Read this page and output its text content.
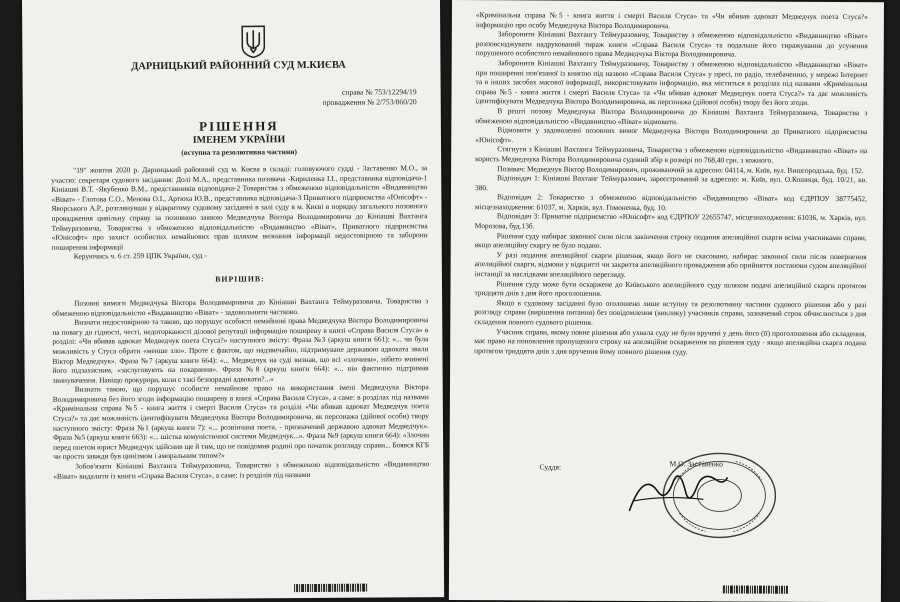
ДАРНИЦЬКИЙ РАЙОННИЙ СУД М.КИЄВА
справа № 753/12294/19
провадження № 2/753/860/20
РІШЕННЯ
ІМЕНЕМ УКРАЇНИ
(вступна та резолютивна частини)

"19" жовтня 2020 р. Дарницький районний суд м. Києва в складі: головуючого судді - Заставенко М.О., за участю: секретаря судового засідання: Долі М.А., представника позивача -Кириленка І.І., представника відповідача-1 Кініашві В.Т. -Якубенко В.М., представників відповідача-2 Товариства з обмеженою відповідальністю «Видавництво «Віват» - Глотова С.О., Менова О.І., Артюха Ю.В., представника відповідача-3 Приватного підприємства «Юнісофт» - Яворського А.Р., розглянувши у відкритому судовому засіданні в залі суду в м. Києві в порядку загального позовного провадження цивільну справу за позовною заявою Медведчука Віктора Володимировича до Кініашві Вахтанга Теймуразовича, Товариства з обмеженою відповідальністю «Видавництво «Віват», Приватного підприємства «Юнісофт» про захист особистих немайнових прав шляхом визнання інформації недостовірною та заборони поширення інформації

Керуючись ч. 6 ст. 259 ЦПК України, суд -

ВИРІШИВ:

Позовні вимоги Медведчука Віктора Володимировича до Кініашві Вахтанга Теймуразовича, Товариства з обмеженою відповідальністю «Видавництво «Віват» - задовольнити частково.

Визнати недостовірною та такою, що порушує особисті немайнові права Медведчука Віктора Володимировича на повагу до гідності, честі, недоторканості ділової репутації інформацію поширену в книзі «Справа Василя Стуса» в розділі: «Чи вбивав адвокат Медведчук поета Стуса?» наступного змісту: Фраза №3 (аркуш книги 661): «... чи була можливість у Стуса обрати «менше зло». Проте є фактом, що надзвичайно, підтримуване державою адвоката звали Віктор Медведчук». Фраза №7 (аркуш книги 664): «... Медведчук на суді визнав, що всі «злочини», нібито вчинені його підзахисним, «заслуговують на покарання». Фраза №8 (аркуш книги 664): «... він фактично підтримав звинувачення. Навіщо прокурори, коли є такі безпорадні адвокати?...»

Визнати такою, що порушує особисте немайнове право на використання імені Медведчука Віктора Володимировича без його згоди інформацію поширену в книзі «Справа Василя Стуса», а саме: в розділах під назвами «Кримінальна справа №5 - книга життя і смерті Василя Стуса» та розділі «Чи вбивав адвокат Медведчук поета Стуса?» та дає можливість ідентифікувати Медведчука Віктора Володимировича, як персонажа (дійової особи) твору наступного змісту: Фраза №1 (аркуш книги 7): «... розвінчана поета, - призначений державою адвокат Медведчук». Фраза №5 (аркуш книги 663): «... шістка комуністичної системи Медведчук...». Фраза №9 (аркуш книги 664): «Злочин перед поетом юрист Медведчук здійснив ще й тим, що не повідомив родині про початок розгляду справи... Боявся КГБ чи просто завжди був цинізмом і аморальним типом?»

Зобов'язати Кініашві Вахтанга Теймуразовича, Товариство з обмеженою відповідальністю «Видавництво «Віват» видалити із книги «Справа Василя Стуса», а саме: із розділів під назвами

«Кримінальна справа №5 - книга життя і смерті Василя Стуса» та «Чи вбивав адвокат Медведчук поета Стуса?» інформацію про особу Медведчука Віктора Володимировича.

Заборонити Кініашві Вахтангу Теймуразовичу, Товариству з обмеженою відповідальністю «Видавництво «Віват» розповсюджувати надрукований тираж книги «Справа Василя Стуса» та подальше його тиражування до усунення порушеного особистого немайнового права Медведчука Віктора Володимировича.

Заборонити Кініашві Вахтангу Теймуразовичу, Товариству з обмеженою відповідальністю «Видавництво «Віват» при поширенні пов'язаної із книгою під назвою «Справа Василя Стуса» у пресі, по радіо, телебаченню, у мережі Інтернет та в інших засобах масової інформації, використовувати інформацію, яка міститься в розділах під назвами «Кримінальна справа №5 - книга життя і смерті Василя Стуса» та «Чи вбивав адвокат Медведчук поета Стуса?» та дає можливість ідентифікувати Медведчука Віктора Володимировича, як персонажа (дійової особи) твору без його згоди.

В решті позову Медведчука Віктора Володимировича до Кініашві Вахтанга Теймуразовича, Товариства з обмеженою відповідальністю «Видавництво «Віват» відмовити.

Відмовити у задоволенні позовних вимог Медведчука Віктора Володимировича до Приватного підприємства «Юнісофт».

Стягнути з Кініашві Вахтанга Теймуразовича, Товариства з обмеженою відповідальністю «Видавництво «Віват» на користь Медведчука Віктора Володимировича судовий збір в розмірі по 768,40 грн. з кожного.

Позивач: Медведчук Віктор Володимирович, проживаючий за адресою: 04114, м. Київ, вул. Вишгородська, буд. 152.

Відповідач 1: Кініашві Вахтанг Теймуразович, зареєстрований за адресою: м. Київ, вул. О.Кошиця, буд. 10/21, кв. 380.

Відповідач 2: Товариство з обмеженою відповідальністю «Видавництво «Віват» код ЄДРПОУ 38775452, місцезнаходження: 61037, м. Харків, вул. Гомоненка, буд. 10.

Відповідач 3: Приватне підприємство «Юнісофт» код ЄДРПОУ 22655747, місцезнаходження: 61036, м. Харків, вул. Морозова, буд.13б.

Рішення суду набирає законної сили після закінчення строку подання апеляційної скарги всіма учасниками справи, якщо апеляційну скаргу не було подано.

У разі подання апеляційної скарги рішення, якщо його не скасовано, набирає законної сили після повернення апеляційної скарги, відмови у відкритті чи закриття апеляційного провадження або прийняття постанови судом апеляційної інстанції за наслідками апеляційного перегляду.

Рішення суду може бути оскаржене до Київського апеляційного суду шляхом подачі апеляційної скарги протягом тридцяти днів з дня його проголошення.

Якщо в судовому засіданні було оголошено лише вступну та резолютивну частини судового рішення або у разі розгляду справи (вирішення питання) без повідомлення (виклику) учасників справи, зазначений строк обчислюється з дня складення повного судового рішення.

Учасник справи, якому повне рішення або ухвала суду не були вручені у день його (її) проголошення або складення, має право на поновлення пропущеного строку на апеляційне оскарження на рішення суду - якщо апеляційна скарга подана протягом тридцяти днів з дня вручення йому повного рішення суду.

Суддя:	М.О. Заставенко
